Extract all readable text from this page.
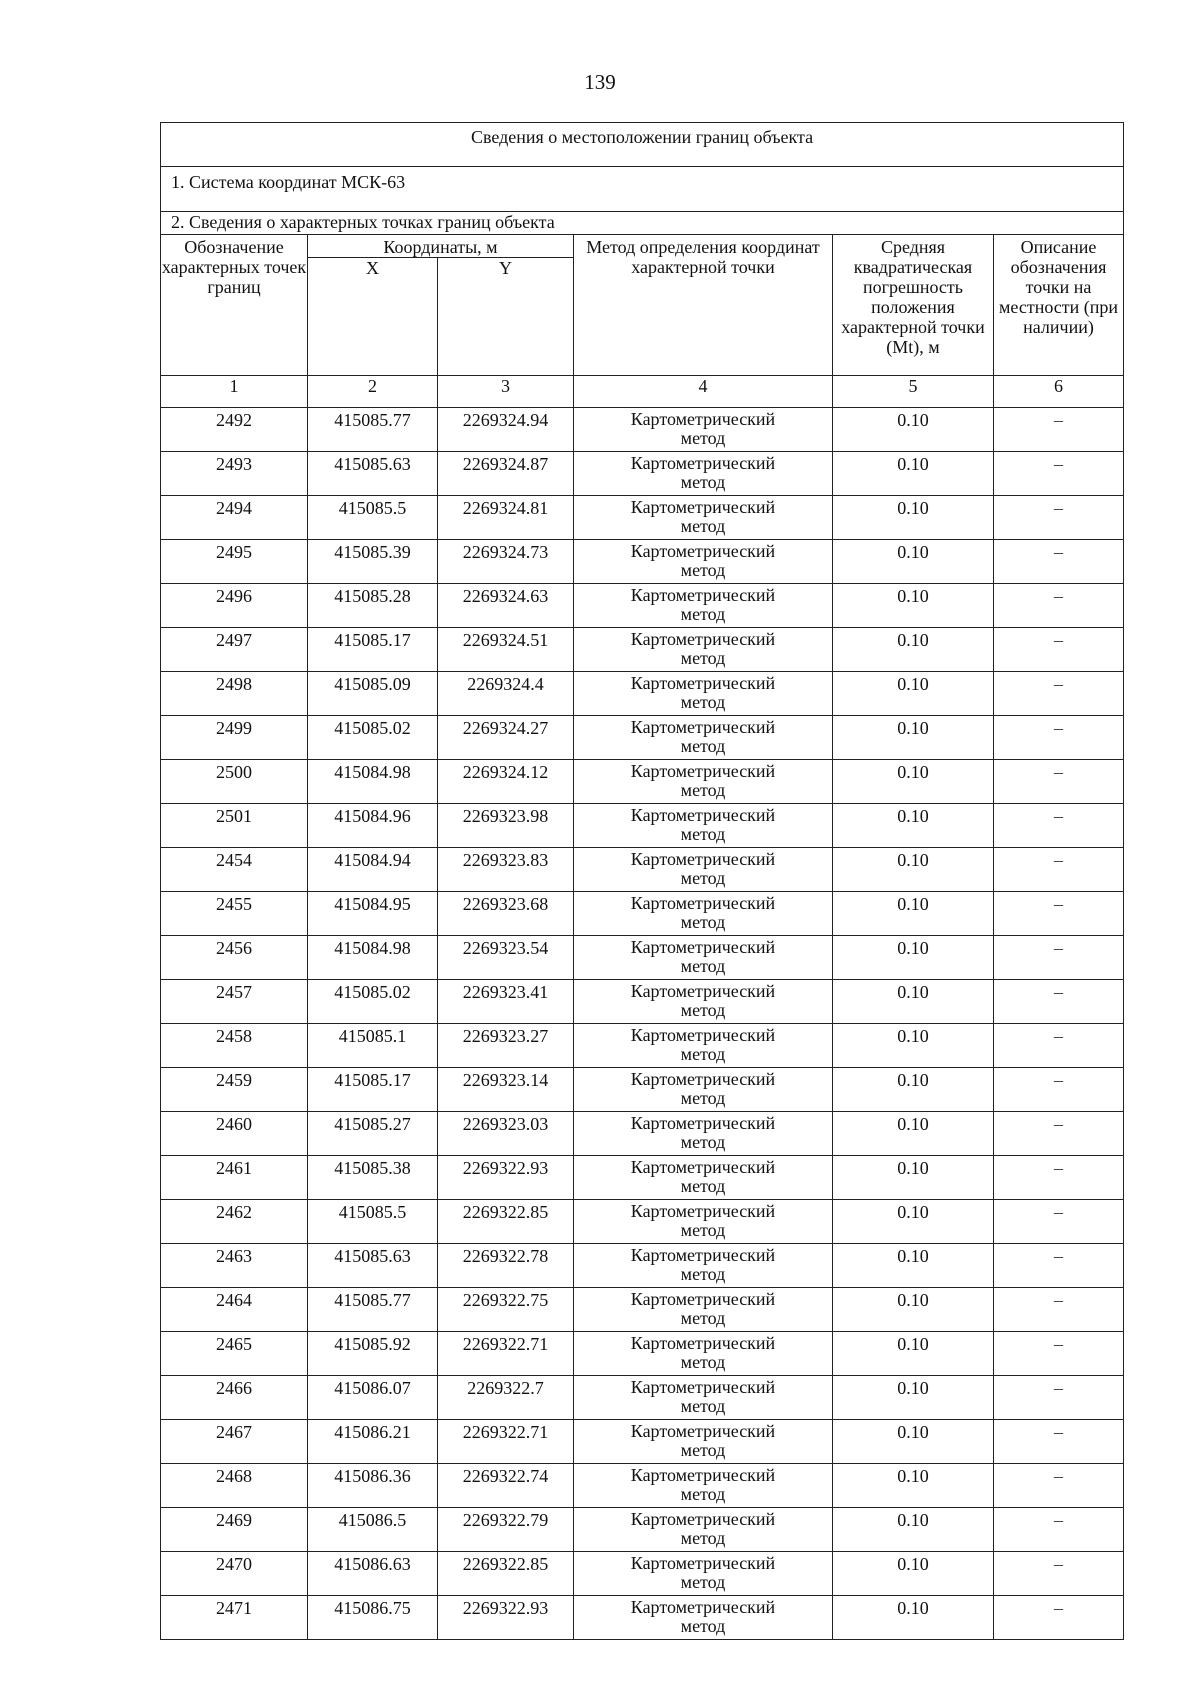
139
Сведения о местоположении границ объекта					
1. Система координат МСК-63					
2. Сведения о характерных точках границ объекта					
Обозначение характерных точек границ	Координаты, м		Метод определения координат характерной точки	Средняя квадратическая погрешность положения характерной точки (Mt), м	Описание обозначения точки на местности (при наличии)
	X	Y			
1	2	3	4	5	6
2492	415085.77	2269324.94	Картометрический
метод	0.10	–
2493	415085.63	2269324.87	Картометрический
метод	0.10	–
2494	415085.5	2269324.81	Картометрический
метод	0.10	–
2495	415085.39	2269324.73	Картометрический
метод	0.10	–
2496	415085.28	2269324.63	Картометрический
метод	0.10	–
2497	415085.17	2269324.51	Картометрический
метод	0.10	–
2498	415085.09	2269324.4	Картометрический
метод	0.10	–
2499	415085.02	2269324.27	Картометрический
метод	0.10	–
2500	415084.98	2269324.12	Картометрический
метод	0.10	–
2501	415084.96	2269323.98	Картометрический
метод	0.10	–
2454	415084.94	2269323.83	Картометрический
метод	0.10	–
2455	415084.95	2269323.68	Картометрический
метод	0.10	–
2456	415084.98	2269323.54	Картометрический
метод	0.10	–
2457	415085.02	2269323.41	Картометрический
метод	0.10	–
2458	415085.1	2269323.27	Картометрический
метод	0.10	–
2459	415085.17	2269323.14	Картометрический
метод	0.10	–
2460	415085.27	2269323.03	Картометрический
метод	0.10	–
2461	415085.38	2269322.93	Картометрический
метод	0.10	–
2462	415085.5	2269322.85	Картометрический
метод	0.10	–
2463	415085.63	2269322.78	Картометрический
метод	0.10	–
2464	415085.77	2269322.75	Картометрический
метод	0.10	–
2465	415085.92	2269322.71	Картометрический
метод	0.10	–
2466	415086.07	2269322.7	Картометрический
метод	0.10	–
2467	415086.21	2269322.71	Картометрический
метод	0.10	–
2468	415086.36	2269322.74	Картометрический
метод	0.10	–
2469	415086.5	2269322.79	Картометрический
метод	0.10	–
2470	415086.63	2269322.85	Картометрический
метод	0.10	–
2471	415086.75	2269322.93	Картометрический
метод	0.10	–
